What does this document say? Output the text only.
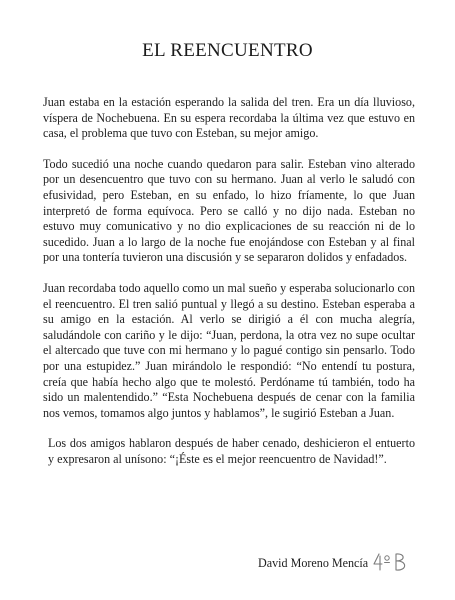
EL REENCUENTRO

Juan estaba en la estación esperando la salida del tren. Era un día lluvioso, víspera de Nochebuena. En su espera recordaba la última vez que estuvo en casa, el problema que tuvo con Esteban, su mejor amigo.

Todo sucedió una noche cuando quedaron para salir. Esteban vino alterado por un desencuentro que tuvo con su hermano. Juan al verlo le saludó con efusividad, pero Esteban, en su enfado, lo hizo fríamente, lo que Juan interpretó de forma equívoca. Pero se calló y no dijo nada. Esteban no estuvo muy comunicativo y no dio explicaciones de su reacción ni de lo sucedido. Juan a lo largo de la noche fue enojándose con Esteban y al final por una tontería tuvieron una discusión y se separaron dolidos y enfadados.

Juan recordaba todo aquello como un mal sueño y esperaba solucionarlo con el reencuentro. El tren salió puntual y llegó a su destino. Esteban esperaba a su amigo en la estación. Al verlo se dirigió a él con mucha alegría, saludándole con cariño y le dijo: “Juan, perdona, la otra vez no supe ocultar el altercado que tuve con mi hermano y lo pagué contigo sin pensarlo. Todo por una estupidez.” Juan mirándolo le respondió: “No entendí tu postura, creía que había hecho algo que te molestó. Perdóname tú también, todo ha sido un malentendido.” “Esta Nochebuena después de cenar con la familia nos vemos, tomamos algo juntos y hablamos”, le sugirió Esteban a Juan.

Los dos amigos hablaron después de haber cenado, deshicieron el entuerto y expresaron al unísono: “¡Éste es el mejor reencuentro de Navidad!”.

David Moreno Mencía
